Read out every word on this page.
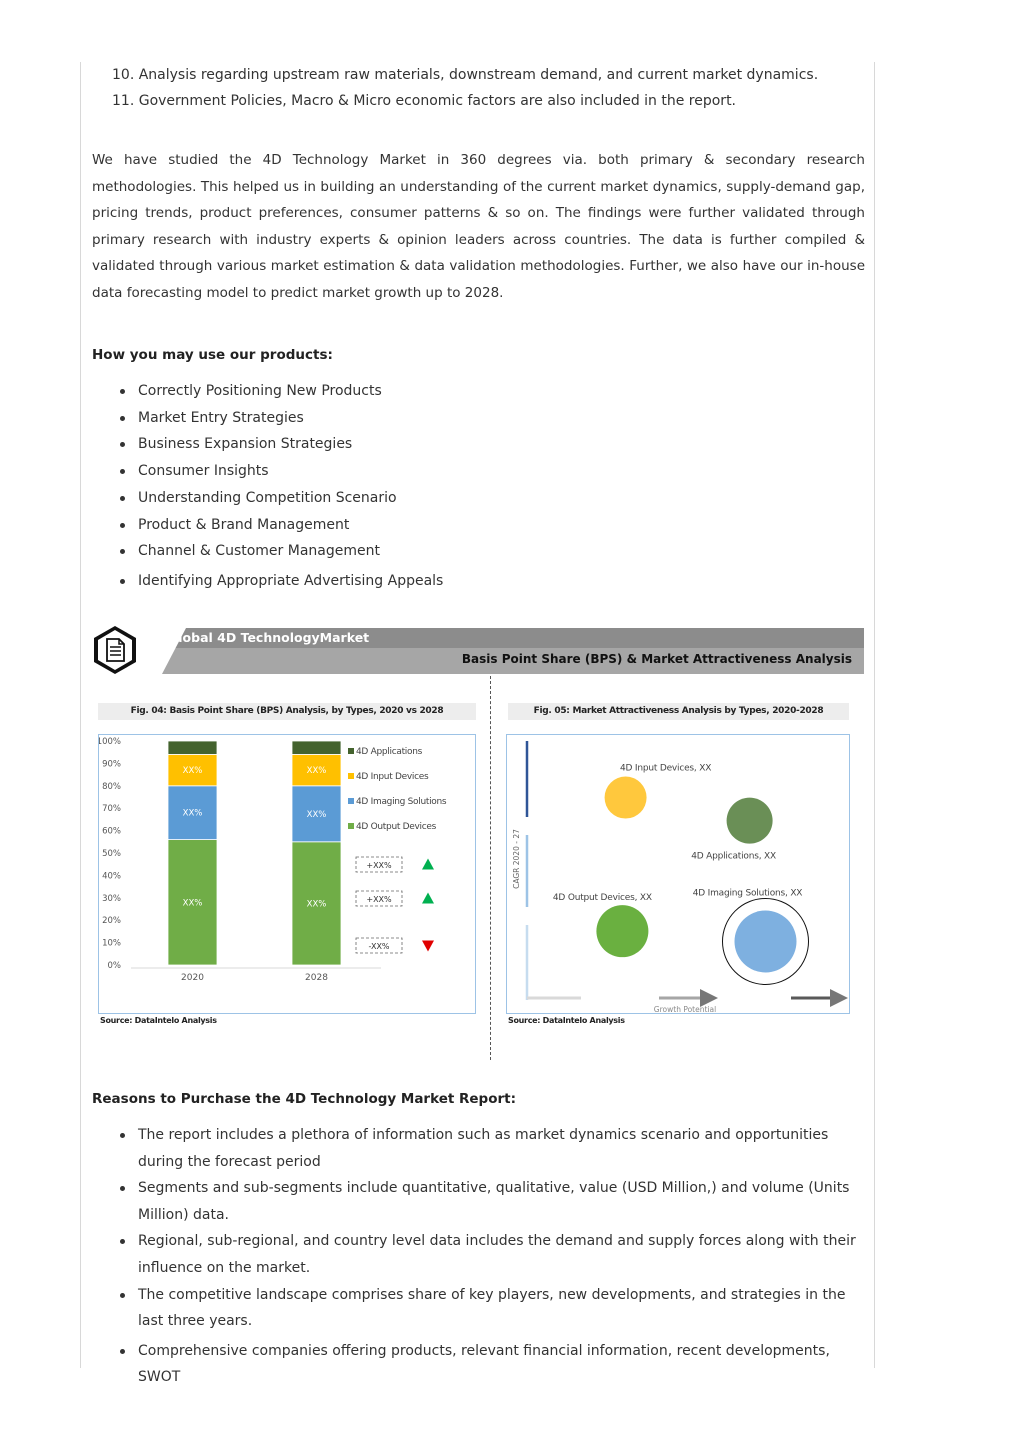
10. Analysis regarding upstream raw materials, downstream demand, and current market dynamics.
11. Government Policies, Macro & Micro economic factors are also included in the report.

We have studied the 4D Technology Market in 360 degrees via. both primary & secondary research methodologies. This helped us in building an understanding of the current market dynamics, supply-demand gap, pricing trends, product preferences, consumer patterns & so on. The findings were further validated through primary research with industry experts & opinion leaders across countries. The data is further compiled & validated through various market estimation & data validation methodologies. Further, we also have our in-house data forecasting model to predict market growth up to 2028.

How you may use our products:
Correctly Positioning New Products
Market Entry Strategies
Business Expansion Strategies
Consumer Insights
Understanding Competition Scenario
Product & Brand Management
Channel & Customer Management
Identifying Appropriate Advertising Appeals
Global 4D TechnologyMarket
Basis Point Share (BPS) & Market Attractiveness Analysis
Fig. 04: Basis Point Share (BPS) Analysis, by Types, 2020 vs 2028
0%
10%
20%
30%
40%
50%
60%
70%
80%
90%
100%
XX%
XX%
XX%
2020
XX%
XX%
XX%
2028
4D Applications
4D Input Devices
4D Imaging Solutions
4D Output Devices
+XX%
+XX%
-XX%
Source: DataIntelo Analysis
Fig. 05: Market Attractiveness Analysis by Types, 2020-2028
Growth Potential
CAGR 2020 - 27
4D Input Devices, XX
4D Applications, XX
4D Output Devices, XX	4D Imaging Solutions, XX
Source: DataIntelo Analysis
Reasons to Purchase the 4D Technology Market Report:
The report includes a plethora of information such as market dynamics scenario and opportunities during the forecast period
Segments and sub-segments include quantitative, qualitative, value (USD Million,) and volume (Units Million) data.
Regional, sub-regional, and country level data includes the demand and supply forces along with their influence on the market.
The competitive landscape comprises share of key players, new developments, and strategies in the last three years.
Comprehensive companies offering products, relevant financial information, recent developments, SWOT
